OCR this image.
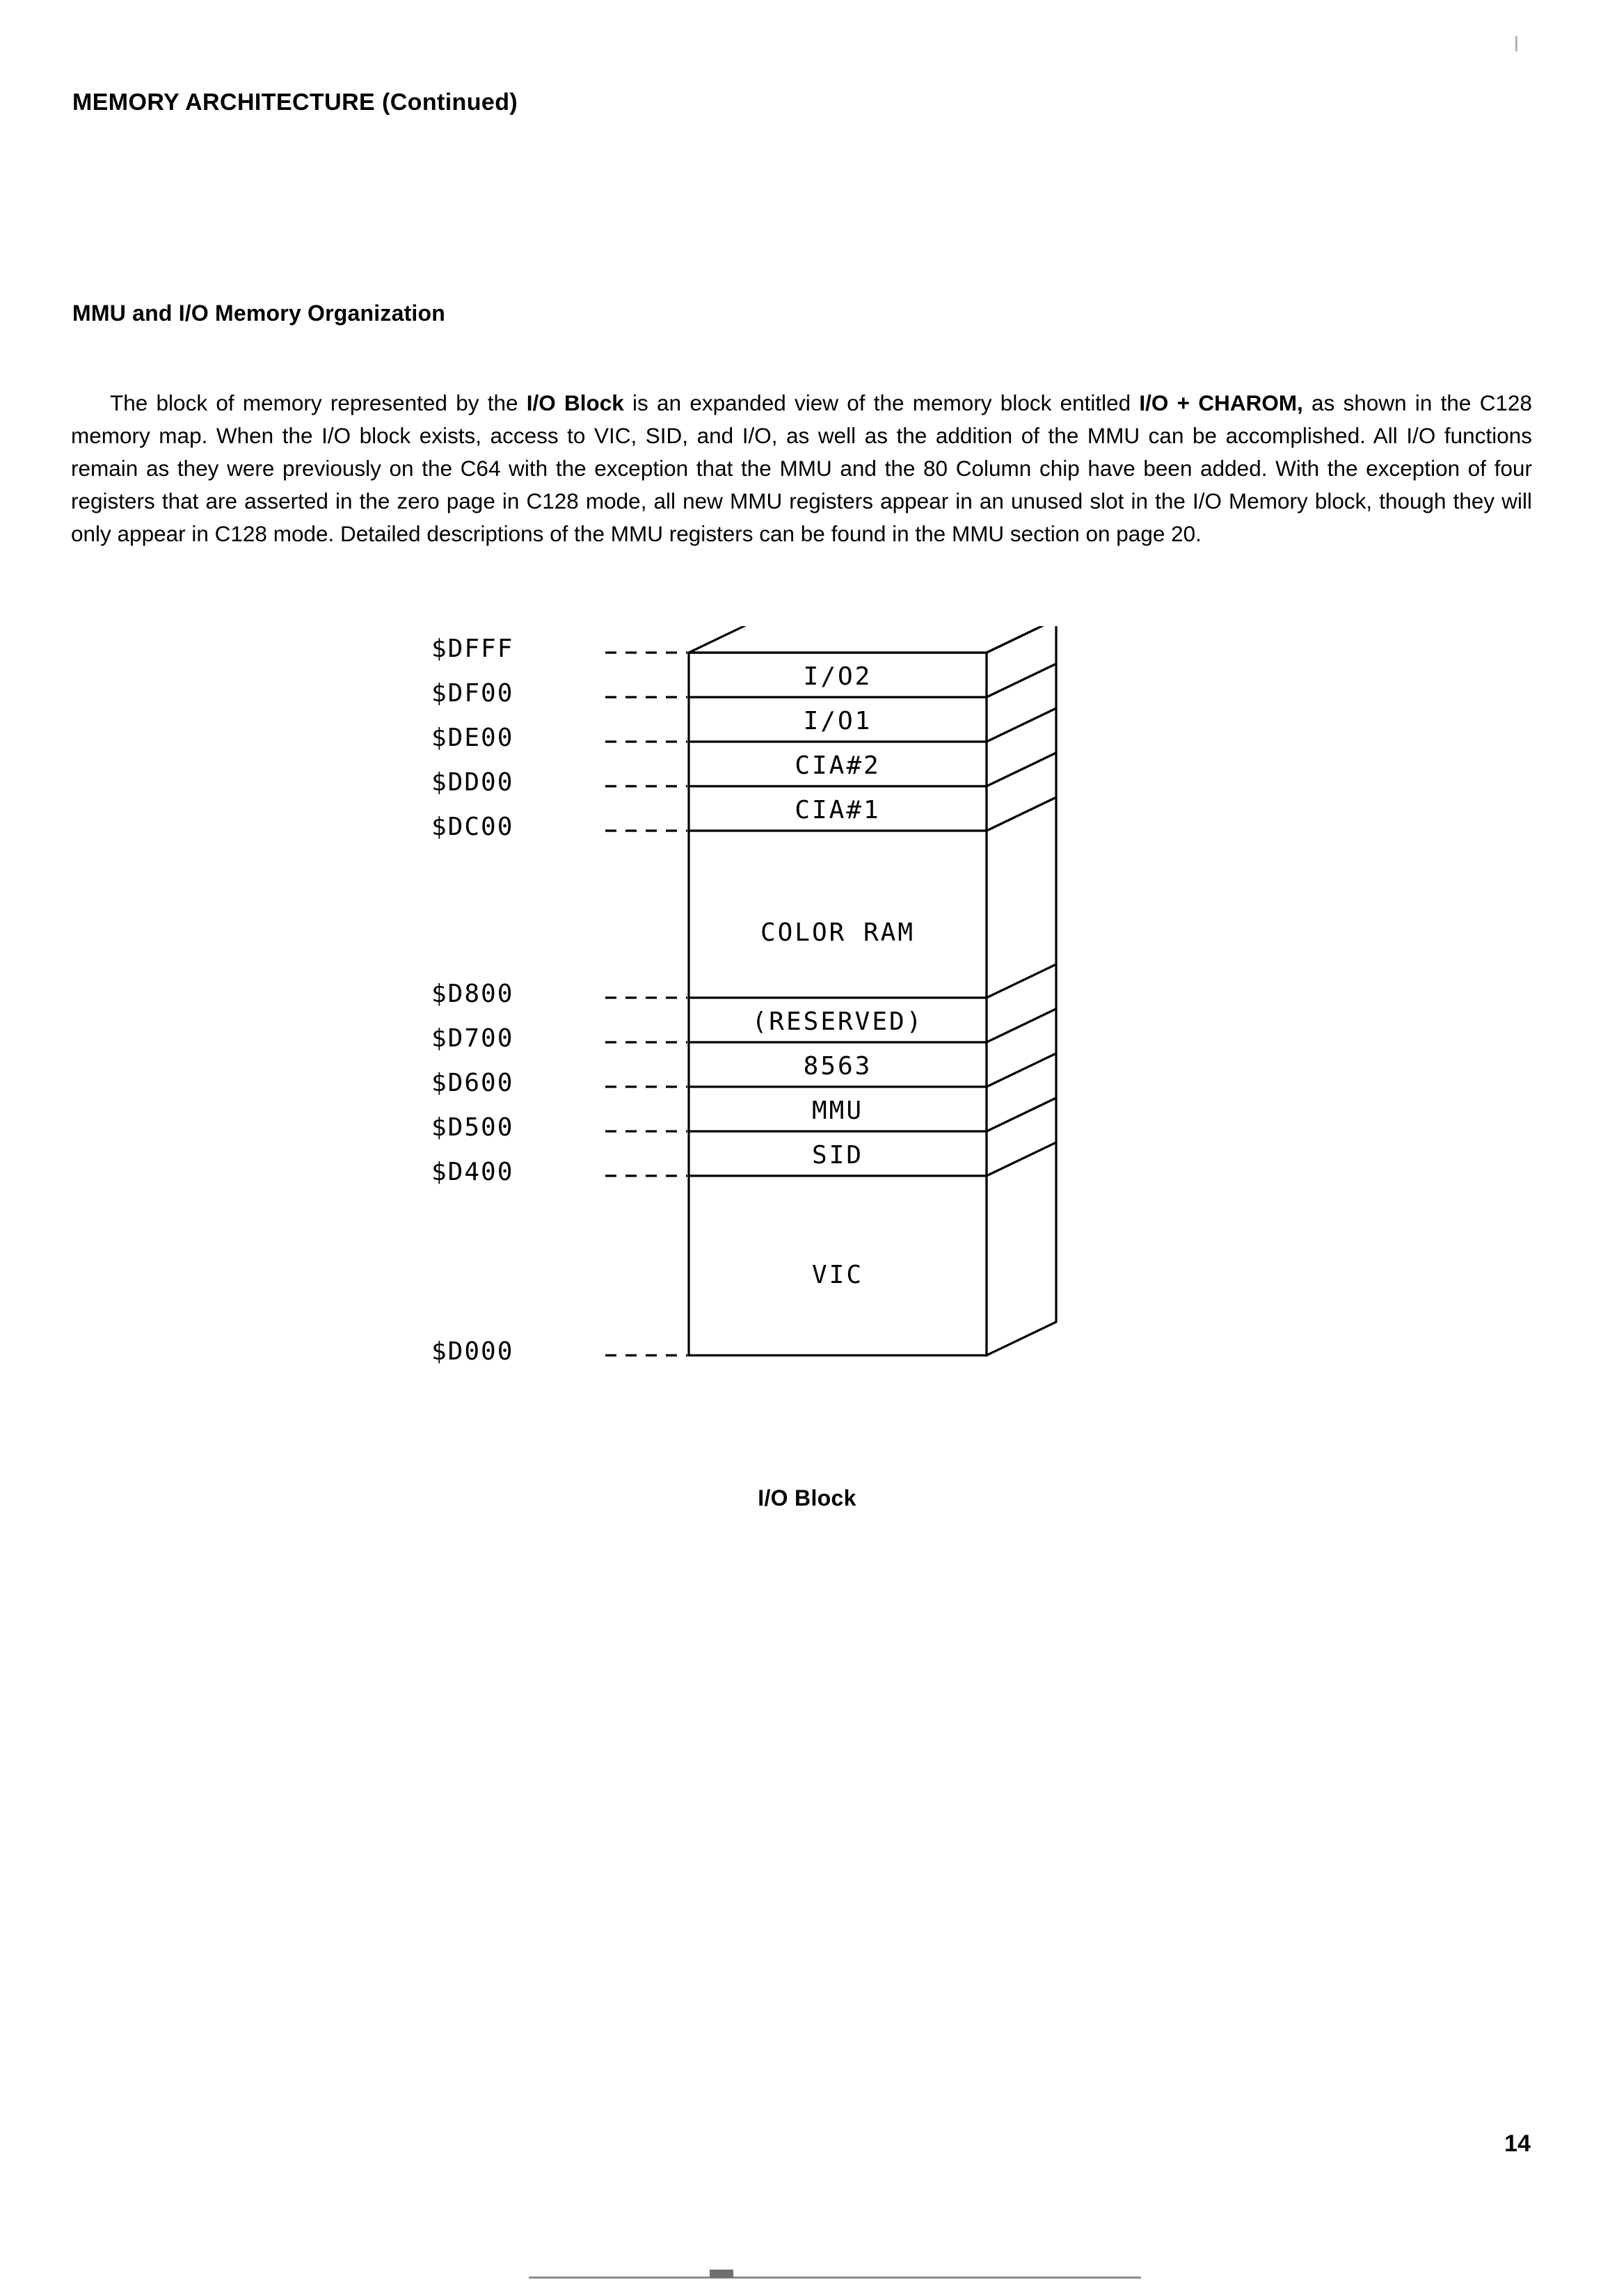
MEMORY ARCHITECTURE (Continued)
MMU and I/O Memory Organization

The block of memory represented by the I/O Block is an expanded view of the memory block entitled I/O + CHAROM, as shown in the C128 memory map. When the I/O block exists, access to VIC, SID, and I/O, as well as the addition of the MMU can be accomplished. All I/O functions remain as they were previously on the C64 with the exception that the MMU and the 80 Column chip have been added. With the exception of four registers that are asserted in the zero page in C128 mode, all new MMU registers appear in an unused slot in the I/O Memory block, though they will only appear in C128 mode. Detailed descriptions of the MMU registers can be found in the MMU section on page 20.

$DFFF
$DF00
$DE00
$DD00
$DC00
$D800
$D700
$D600
$D500
$D400
$D000
I/O2
I/O1
CIA#2
CIA#1
COLOR RAM
(RESERVED)
8563
MMU
SID
VIC
I/O Block
14
